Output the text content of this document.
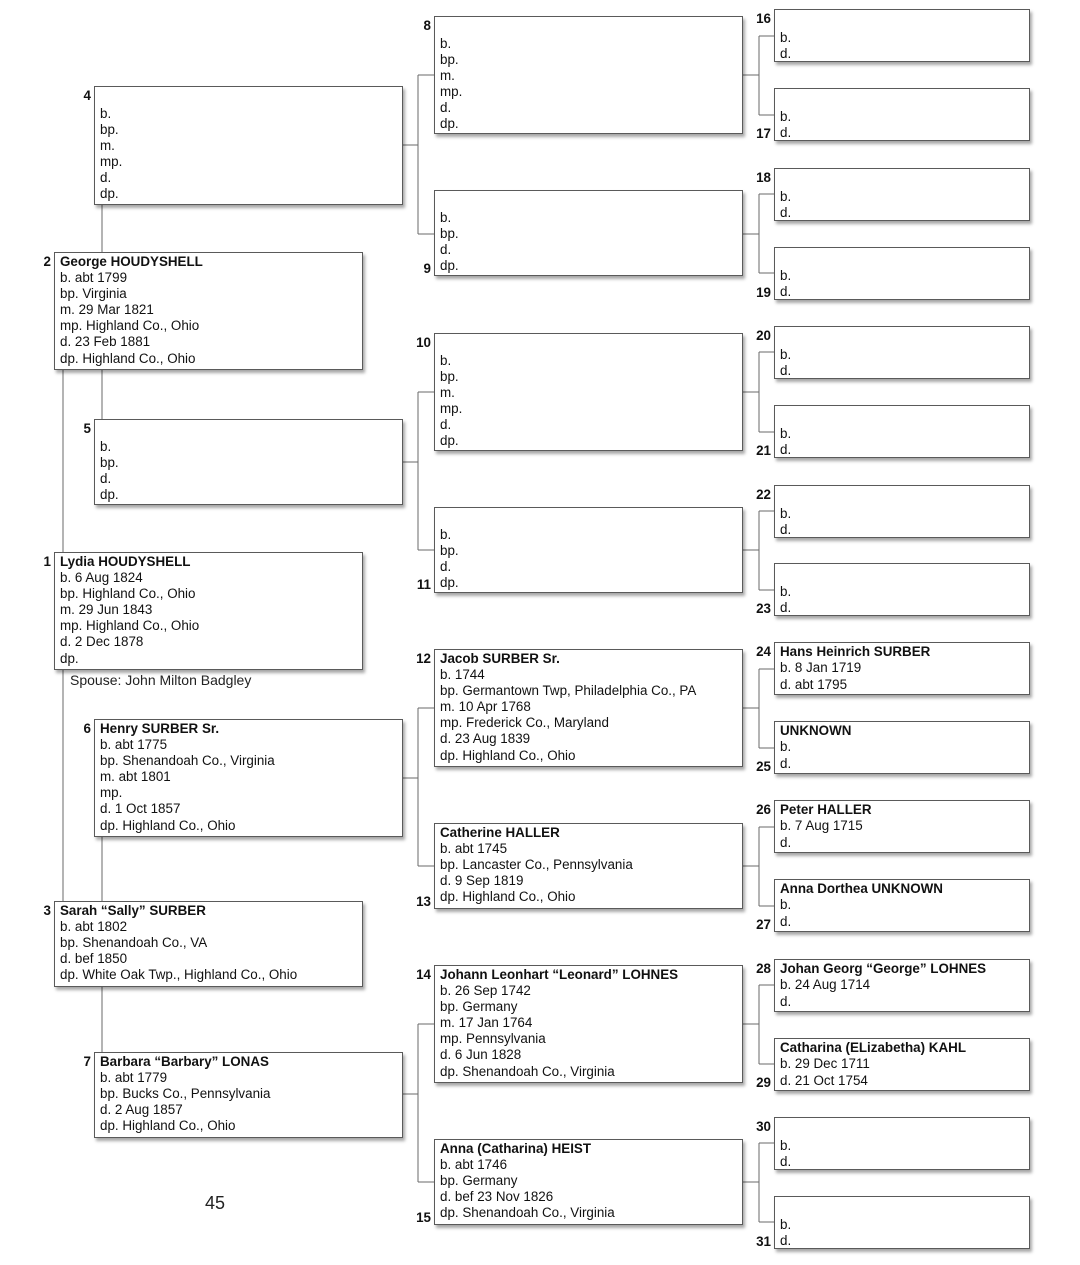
1 Lydia HOUDYSHELL
b. 6 Aug 1824
bp. Highland Co., Ohio
m. 29 Jun 1843
mp. Highland Co., Ohio
d. 2 Dec 1878
dp.
Spouse: John Milton Badgley
2 George HOUDYSHELL
b. abt 1799
bp. Virginia
m. 29 Mar 1821
mp. Highland Co., Ohio
d. 23 Feb 1881
dp. Highland Co., Ohio
3 Sarah “Sally” SURBER
b. abt 1802
bp. Shenandoah Co., VA
d. bef 1850
dp. White Oak Twp., Highland Co., Ohio
4
b.
bp.
m.
mp.
d.
dp.
5
b.
bp.
d.
dp.
6 Henry SURBER Sr.
b. abt 1775
bp. Shenandoah Co., Virginia
m. abt 1801
mp.
d. 1 Oct 1857
dp. Highland Co., Ohio
7 Barbara “Barbary” LONAS
b. abt 1779
bp. Bucks Co., Pennsylvania
d. 2 Aug 1857
dp. Highland Co., Ohio
8
b.
bp.
m.
mp.
d.
dp.
9
b.
bp.
d.
dp.
10
b.
bp.
m.
mp.
d.
dp.
11
b.
bp.
d.
dp.
12 Jacob SURBER Sr.
b. 1744
bp. Germantown Twp, Philadelphia Co., PA
m. 10 Apr 1768
mp. Frederick Co., Maryland
d. 23 Aug 1839
dp. Highland Co., Ohio
13
Catherine HALLER
b. abt 1745
bp. Lancaster Co., Pennsylvania
d. 9 Sep 1819
dp. Highland Co., Ohio
14 Johann Leonhart “Leonard” LOHNES
b. 26 Sep 1742
bp. Germany
m. 17 Jan 1764
mp. Pennsylvania
d. 6 Jun 1828
dp. Shenandoah Co., Virginia
15
Anna (Catharina) HEIST
b. abt 1746
bp. Germany
d. bef 23 Nov 1826
dp. Shenandoah Co., Virginia
16
b.
d.
17
b.
d.
18
b.
d.
19
b.
d.
20
b.
d.
21
b.
d.
22
b.
d.
23
b.
d.
24 Hans Heinrich SURBER
b. 8 Jan 1719
d. abt 1795
25
UNKNOWN
b.
d.
26 Peter HALLER
b. 7 Aug 1715
d.
27
Anna Dorthea UNKNOWN
b.
d.
28 Johan Georg “George” LOHNES
b. 24 Aug 1714
d.
29
Catharina (ELizabetha) KAHL
b. 29 Dec 1711
d. 21 Oct 1754
30
b.
d.
31
b.
d.
45
